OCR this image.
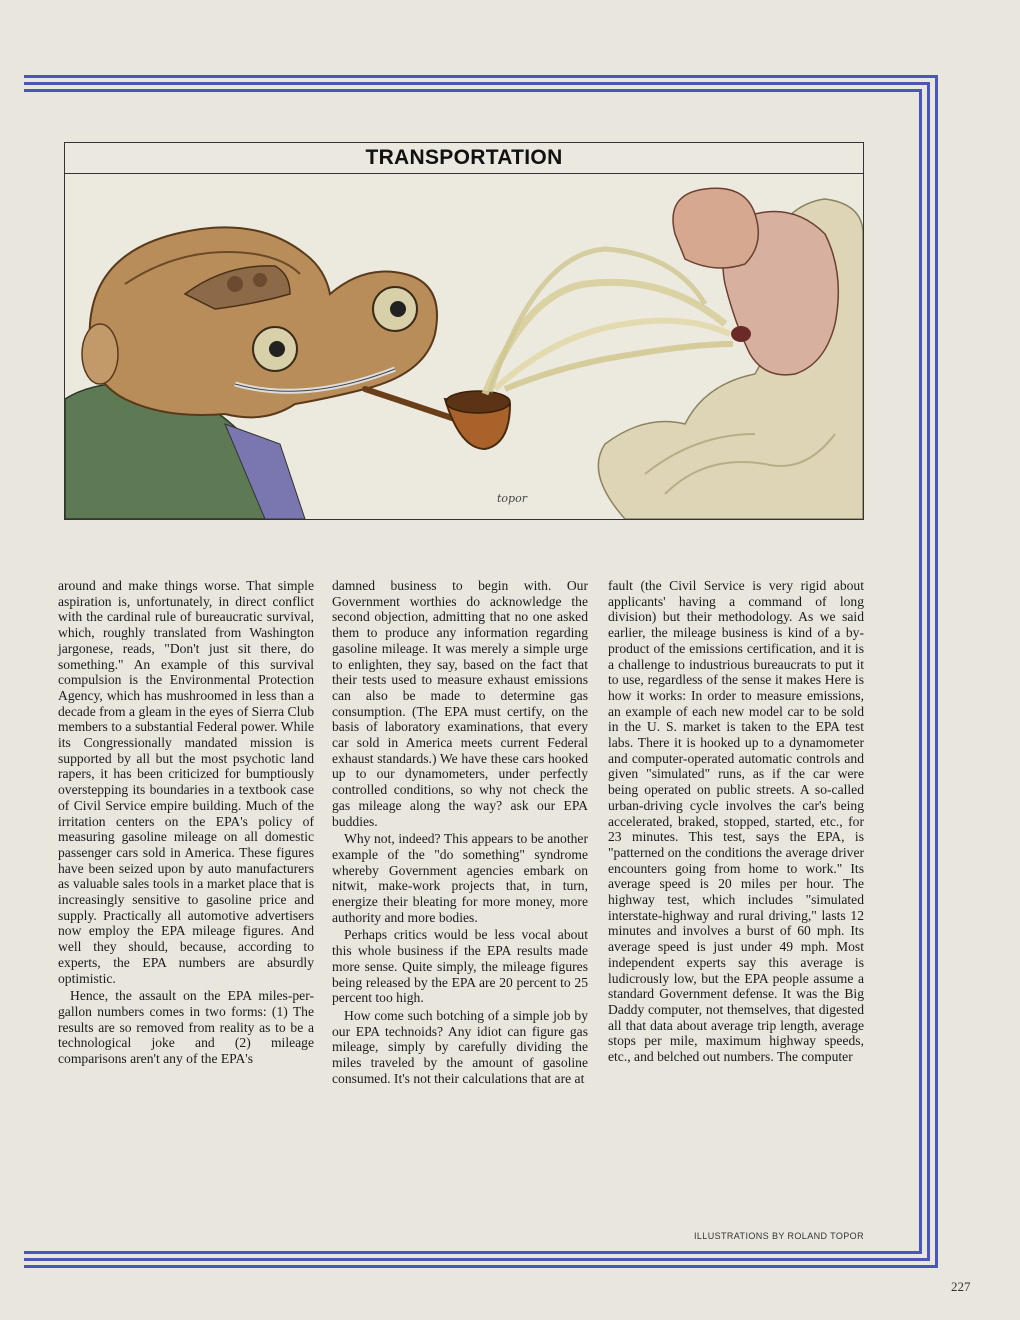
TRANSPORTATION
topor

around and make things worse. That simple aspiration is, unfortunately, in direct conflict with the cardinal rule of bureaucratic survival, which, roughly translated from Washington jargonese, reads, "Don't just sit there, do something." An example of this survival compulsion is the Environmental Protection Agency, which has mushroomed in less than a decade from a gleam in the eyes of Sierra Club members to a substantial Federal power. While its Congressionally mandated mission is supported by all but the most psychotic land rapers, it has been criticized for bumptiously overstepping its boundaries in a textbook case of Civil Service empire building. Much of the irritation centers on the EPA's policy of measuring gasoline mileage on all domestic passenger cars sold in America. These figures have been seized upon by auto manufacturers as valuable sales tools in a market place that is increasingly sensitive to gasoline price and supply. Practically all automotive advertisers now employ the EPA mileage figures. And well they should, because, according to experts, the EPA numbers are absurdly optimistic.

Hence, the assault on the EPA miles-per-gallon numbers comes in two forms: (1) The results are so removed from reality as to be a technological joke and (2) mileage comparisons aren't any of the EPA's

damned business to begin with. Our Government worthies do acknowledge the second objection, admitting that no one asked them to produce any information regarding gasoline mileage. It was merely a simple urge to enlighten, they say, based on the fact that their tests used to measure exhaust emissions can also be made to determine gas consumption. (The EPA must certify, on the basis of laboratory examinations, that every car sold in America meets current Federal exhaust standards.) We have these cars hooked up to our dynamometers, under perfectly controlled conditions, so why not check the gas mileage along the way? ask our EPA buddies.

Why not, indeed? This appears to be another example of the "do something" syndrome whereby Government agencies embark on nitwit, make-work projects that, in turn, energize their bleating for more money, more authority and more bodies.

Perhaps critics would be less vocal about this whole business if the EPA results made more sense. Quite simply, the mileage figures being released by the EPA are 20 percent to 25 percent too high.

How come such botching of a simple job by our EPA technoids? Any idiot can figure gas mileage, simply by carefully dividing the miles traveled by the amount of gasoline consumed. It's not their calculations that are at

fault (the Civil Service is very rigid about applicants' having a command of long division) but their methodology. As we said earlier, the mileage business is kind of a by-product of the emissions certification, and it is a challenge to industrious bureaucrats to put it to use, regardless of the sense it makes Here is how it works: In order to measure emissions, an example of each new model car to be sold in the U. S. market is taken to the EPA test labs. There it is hooked up to a dynamometer and computer-operated automatic controls and given "simulated" runs, as if the car were being operated on public streets. A so-called urban-driving cycle involves the car's being accelerated, braked, stopped, started, etc., for 23 minutes. This test, says the EPA, is "patterned on the conditions the average driver encounters going from home to work." Its average speed is 20 miles per hour. The highway test, which includes "simulated interstate-highway and rural driving," lasts 12 minutes and involves a burst of 60 mph. Its average speed is just under 49 mph. Most independent experts say this average is ludicrously low, but the EPA people assume a standard Government defense. It was the Big Daddy computer, not themselves, that digested all that data about average trip length, average stops per mile, maximum highway speeds, etc., and belched out numbers. The computer

ILLUSTRATIONS BY ROLAND TOPOR
227
